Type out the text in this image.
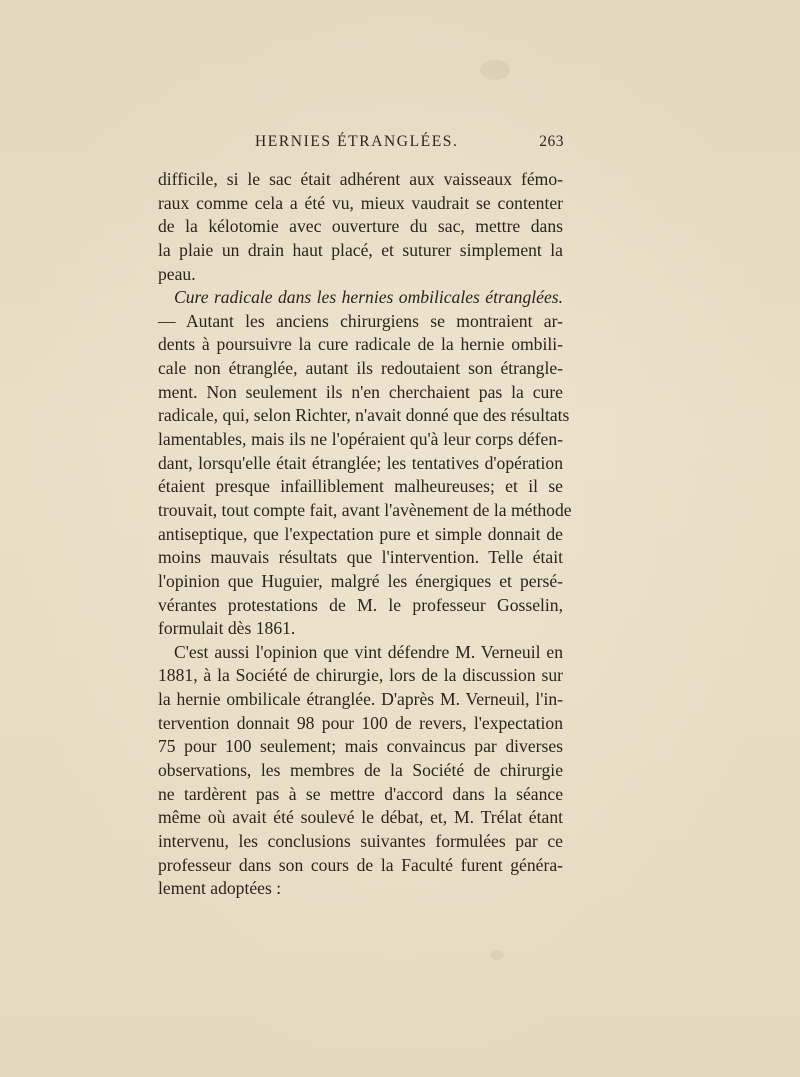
HERNIES ÉTRANGLÉES.	263
difficile, si le sac était adhérent aux vaisseaux fémo-
raux comme cela a été vu, mieux vaudrait se contenter
de la kélotomie avec ouverture du sac, mettre dans
la plaie un drain haut placé, et suturer simplement la
peau.
Cure radicale dans les hernies ombilicales étranglées.
— Autant les anciens chirurgiens se montraient ar-
dents à poursuivre la cure radicale de la hernie ombili-
cale non étranglée, autant ils redoutaient son étrangle-
ment. Non seulement ils n'en cherchaient pas la cure
radicale, qui, selon Richter, n'avait donné que des résultats
lamentables, mais ils ne l'opéraient qu'à leur corps défen-
dant, lorsqu'elle était étranglée; les tentatives d'opération
étaient presque infailliblement malheureuses; et il se
trouvait, tout compte fait, avant l'avènement de la méthode
antiseptique, que l'expectation pure et simple donnait de
moins mauvais résultats que l'intervention. Telle était
l'opinion que Huguier, malgré les énergiques et persé-
vérantes protestations de M. le professeur Gosselin,
formulait dès 1861.
C'est aussi l'opinion que vint défendre M. Verneuil en
1881, à la Société de chirurgie, lors de la discussion sur
la hernie ombilicale étranglée. D'après M. Verneuil, l'in-
tervention donnait 98 pour 100 de revers, l'expectation
75 pour 100 seulement; mais convaincus par diverses
observations, les membres de la Société de chirurgie
ne tardèrent pas à se mettre d'accord dans la séance
même où avait été soulevé le débat, et, M. Trélat étant
intervenu, les conclusions suivantes formulées par ce
professeur dans son cours de la Faculté furent généra-
lement adoptées :
